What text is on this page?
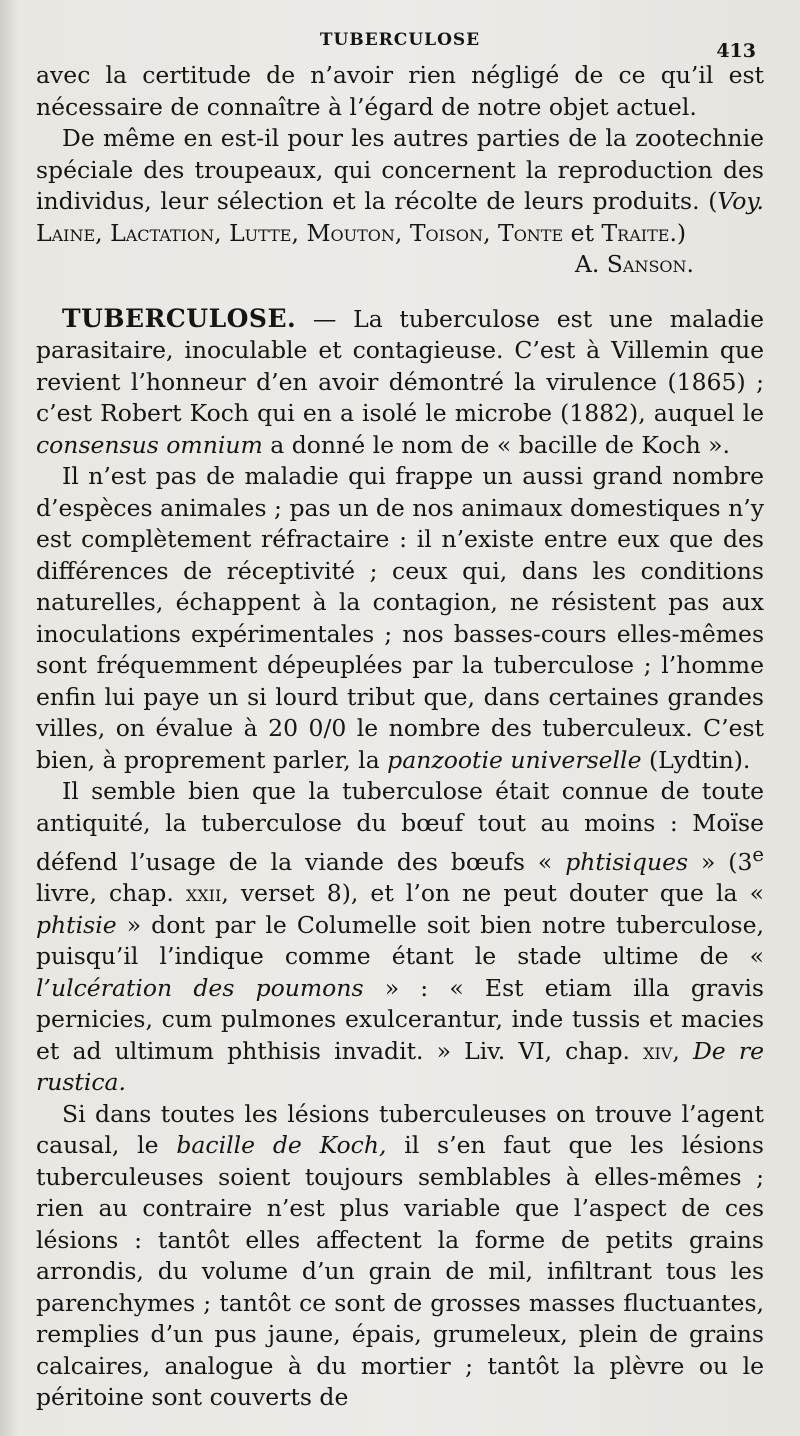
TUBERCULOSE	413

avec la certitude de n’avoir rien négligé de ce qu’il est nécessaire de connaître à l’égard de notre objet actuel.

De même en est-il pour les autres parties de la zootechnie spéciale des troupeaux, qui concernent la reproduction des individus, leur sélection et la récolte de leurs produits. (Voy. Laine, Lactation, Lutte, Mouton, Toison, Tonte et Traite.)

A. Sanson.

TUBERCULOSE. — La tuberculose est une maladie parasitaire, inoculable et contagieuse. C’est à Villemin que revient l’honneur d’en avoir démontré la virulence (1865) ; c’est Robert Koch qui en a isolé le microbe (1882), auquel le consensus omnium a donné le nom de « bacille de Koch ».

Il n’est pas de maladie qui frappe un aussi grand nombre d’espèces animales ; pas un de nos animaux domestiques n’y est complètement réfractaire : il n’existe entre eux que des différences de réceptivité ; ceux qui, dans les conditions naturelles, échappent à la contagion, ne résistent pas aux inoculations expérimentales ; nos basses-cours elles-mêmes sont fréquemment dépeuplées par la tuberculose ; l’homme enfin lui paye un si lourd tribut que, dans certaines grandes villes, on évalue à 20 0/0 le nombre des tuberculeux. C’est bien, à proprement parler, la panzootie universelle (Lydtin).

Il semble bien que la tuberculose était connue de toute antiquité, la tuberculose du bœuf tout au moins : Moïse défend l’usage de la viande des bœufs « phtisiques » (3e livre, chap. xxii, verset 8), et l’on ne peut douter que la « phtisie » dont par le Columelle soit bien notre tuberculose, puisqu’il l’indique comme étant le stade ultime de « l’ulcération des poumons » : « Est etiam illa gravis pernicies, cum pulmones exulcerantur, inde tussis et macies et ad ultimum phthisis invadit. » Liv. VI, chap. xiv, De re rustica.

Si dans toutes les lésions tuberculeuses on trouve l’agent causal, le bacille de Koch, il s’en faut que les lésions tuberculeuses soient toujours semblables à elles-mêmes ; rien au contraire n’est plus variable que l’aspect de ces lésions : tantôt elles affectent la forme de petits grains arrondis, du volume d’un grain de mil, infiltrant tous les parenchymes ; tantôt ce sont de grosses masses fluctuantes, remplies d’un pus jaune, épais, grumeleux, plein de grains calcaires, analogue à du mortier ; tantôt la plèvre ou le péritoine sont couverts de
